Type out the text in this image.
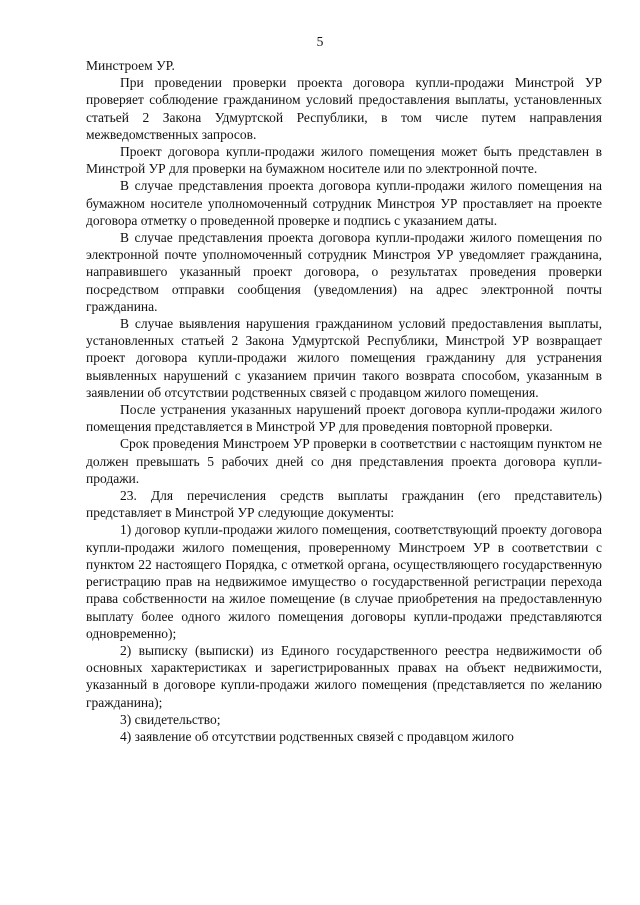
5

Минстроем УР.

При проведении проверки проекта договора купли-продажи Минстрой УР проверяет соблюдение гражданином условий предоставления выплаты, установленных статьей 2 Закона Удмуртской Республики, в том числе путем направления межведомственных запросов.

Проект договора купли-продажи жилого помещения может быть представлен в Минстрой УР для проверки на бумажном носителе или по электронной почте.

В случае представления проекта договора купли-продажи жилого помещения на бумажном носителе уполномоченный сотрудник Минстроя УР проставляет на проекте договора отметку о проведенной проверке и подпись с указанием даты.

В случае представления проекта договора купли-продажи жилого помещения по электронной почте уполномоченный сотрудник Минстроя УР уведомляет гражданина, направившего указанный проект договора, о результатах проведения проверки посредством отправки сообщения (уведомления) на адрес электронной почты гражданина.

В случае выявления нарушения гражданином условий предоставления выплаты, установленных статьей 2 Закона Удмуртской Республики, Минстрой УР возвращает проект договора купли-продажи жилого помещения гражданину для устранения выявленных нарушений с указанием причин такого возврата способом, указанным в заявлении об отсутствии родственных связей с продавцом жилого помещения.

После устранения указанных нарушений проект договора купли-продажи жилого помещения представляется в Минстрой УР для проведения повторной проверки.

Срок проведения Минстроем УР проверки в соответствии с настоящим пунктом не должен превышать 5 рабочих дней со дня представления проекта договора купли-продажи.

23. Для перечисления средств выплаты гражданин (его представитель) представляет в Минстрой УР следующие документы:

1) договор купли-продажи жилого помещения, соответствующий проекту договора купли-продажи жилого помещения, проверенному Минстроем УР в соответствии с пунктом 22 настоящего Порядка, с отметкой органа, осуществляющего государственную регистрацию прав на недвижимое имущество о государственной регистрации перехода права собственности на жилое помещение (в случае приобретения на предоставленную выплату более одного жилого помещения договоры купли-продажи представляются одновременно);

2) выписку (выписки) из Единого государственного реестра недвижимости об основных характеристиках и зарегистрированных правах на объект недвижимости, указанный в договоре купли-продажи жилого помещения (представляется по желанию гражданина);

3) свидетельство;

4) заявление об отсутствии родственных связей с продавцом жилого
